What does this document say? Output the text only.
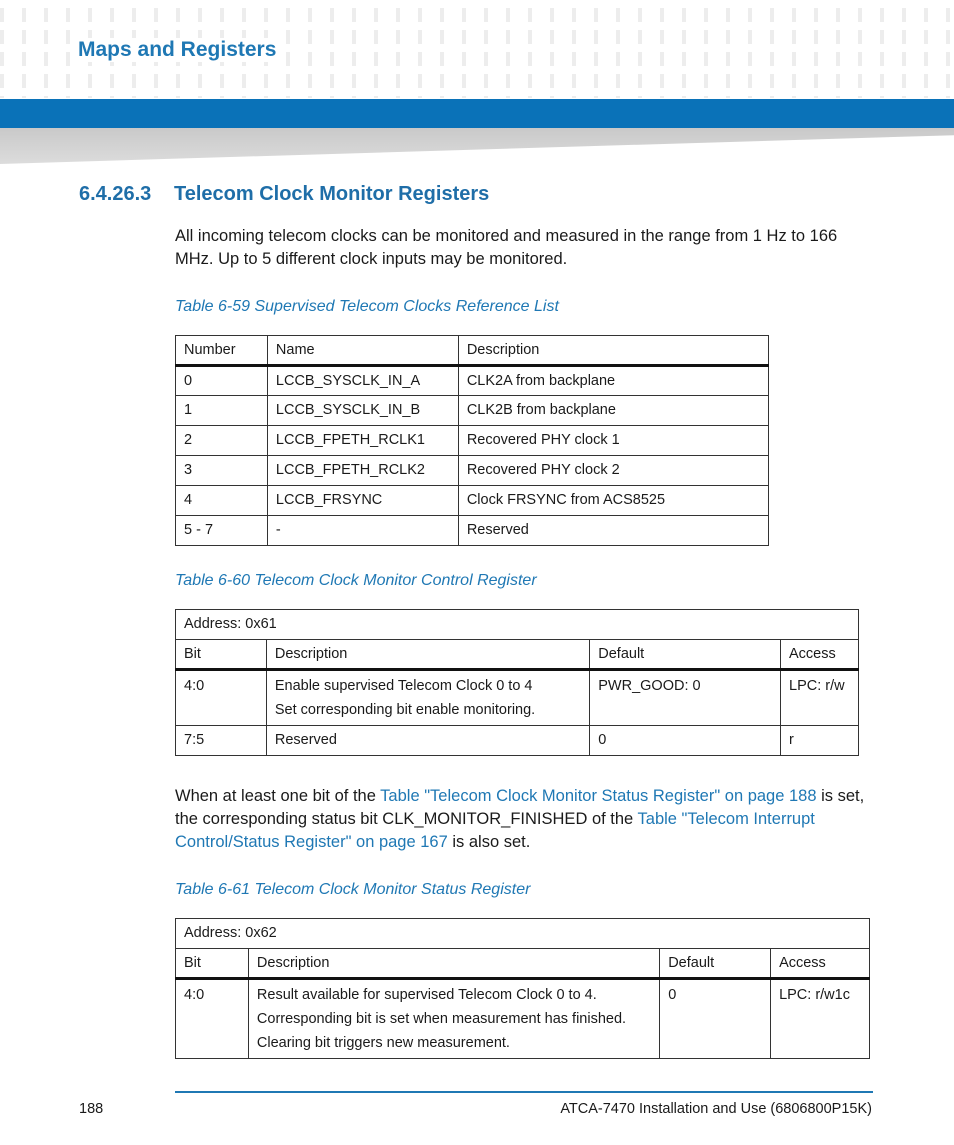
Maps and Registers
6.4.26.3 Telecom Clock Monitor Registers
All incoming telecom clocks can be monitored and measured in the range from 1 Hz to 166 MHz. Up to 5 different clock inputs may be monitored.
Table 6-59 Supervised Telecom Clocks Reference List
Number	Name	Description
0	LCCB_SYSCLK_IN_A	CLK2A from backplane
1	LCCB_SYSCLK_IN_B	CLK2B from backplane
2	LCCB_FPETH_RCLK1	Recovered PHY clock 1
3	LCCB_FPETH_RCLK2	Recovered PHY clock 2
4	LCCB_FRSYNC	Clock FRSYNC from ACS8525
5 - 7	-	Reserved
Table 6-60 Telecom Clock Monitor Control Register
Address: 0x61			
Bit	Description	Default	Access
4:0	Enable supervised Telecom Clock 0 to 4
Set corresponding bit enable monitoring.	PWR_GOOD: 0	LPC: r/w
7:5	Reserved	0	r
When at least one bit of the Table "Telecom Clock Monitor Status Register" on page 188 is set, the corresponding status bit CLK_MONITOR_FINISHED of the Table "Telecom Interrupt Control/Status Register" on page 167 is also set.
Table 6-61 Telecom Clock Monitor Status Register
Address: 0x62			
Bit	Description	Default	Access
4:0	Result available for supervised Telecom Clock 0 to 4.
Corresponding bit is set when measurement has finished.
Clearing bit triggers new measurement.	0	LPC: r/w1c
188	ATCA-7470 Installation and Use (6806800P15K)
